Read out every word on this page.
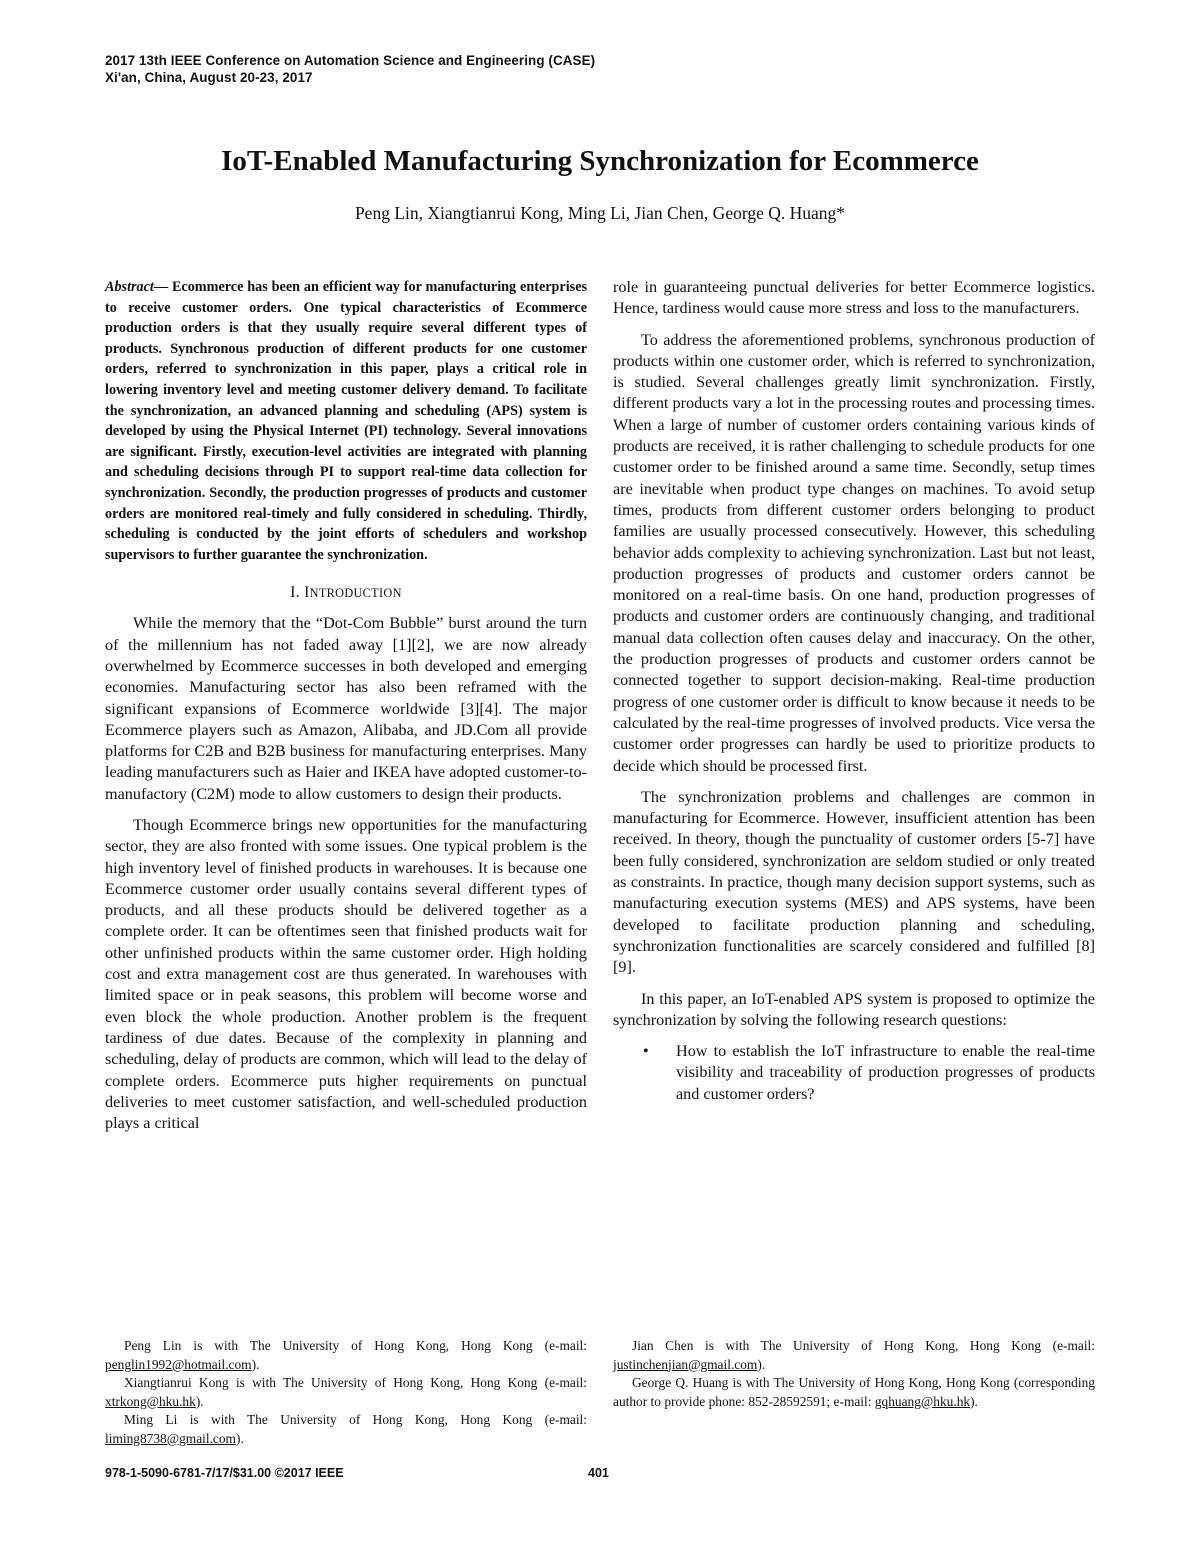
2017 13th IEEE Conference on Automation Science and Engineering (CASE)
Xi'an, China, August 20-23, 2017
IoT-Enabled Manufacturing Synchronization for Ecommerce
Peng Lin, Xiangtianrui Kong, Ming Li, Jian Chen, George Q. Huang*

Abstract— Ecommerce has been an efficient way for manufacturing enterprises to receive customer orders. One typical characteristics of Ecommerce production orders is that they usually require several different types of products. Synchronous production of different products for one customer orders, referred to synchronization in this paper, plays a critical role in lowering inventory level and meeting customer delivery demand. To facilitate the synchronization, an advanced planning and scheduling (APS) system is developed by using the Physical Internet (PI) technology. Several innovations are significant. Firstly, execution-level activities are integrated with planning and scheduling decisions through PI to support real-time data collection for synchronization. Secondly, the production progresses of products and customer orders are monitored real-timely and fully considered in scheduling. Thirdly, scheduling is conducted by the joint efforts of schedulers and workshop supervisors to further guarantee the synchronization.

I. INTRODUCTION

While the memory that the “Dot-Com Bubble” burst around the turn of the millennium has not faded away [1][2], we are now already overwhelmed by Ecommerce successes in both developed and emerging economies. Manufacturing sector has also been reframed with the significant expansions of Ecommerce worldwide [3][4]. The major Ecommerce players such as Amazon, Alibaba, and JD.Com all provide platforms for C2B and B2B business for manufacturing enterprises. Many leading manufacturers such as Haier and IKEA have adopted customer-to- manufactory (C2M) mode to allow customers to design their products.

Though Ecommerce brings new opportunities for the manufacturing sector, they are also fronted with some issues. One typical problem is the high inventory level of finished products in warehouses. It is because one Ecommerce customer order usually contains several different types of products, and all these products should be delivered together as a complete order. It can be oftentimes seen that finished products wait for other unfinished products within the same customer order. High holding cost and extra management cost are thus generated. In warehouses with limited space or in peak seasons, this problem will become worse and even block the whole production. Another problem is the frequent tardiness of due dates. Because of the complexity in planning and scheduling, delay of products are common, which will lead to the delay of complete orders. Ecommerce puts higher requirements on punctual deliveries to meet customer satisfaction, and well-scheduled production plays a critical

role in guaranteeing punctual deliveries for better Ecommerce logistics. Hence, tardiness would cause more stress and loss to the manufacturers.

To address the aforementioned problems, synchronous production of products within one customer order, which is referred to synchronization, is studied. Several challenges greatly limit synchronization. Firstly, different products vary a lot in the processing routes and processing times. When a large of number of customer orders containing various kinds of products are received, it is rather challenging to schedule products for one customer order to be finished around a same time. Secondly, setup times are inevitable when product type changes on machines. To avoid setup times, products from different customer orders belonging to product families are usually processed consecutively. However, this scheduling behavior adds complexity to achieving synchronization. Last but not least, production progresses of products and customer orders cannot be monitored on a real-time basis. On one hand, production progresses of products and customer orders are continuously changing, and traditional manual data collection often causes delay and inaccuracy. On the other, the production progresses of products and customer orders cannot be connected together to support decision-making. Real-time production progress of one customer order is difficult to know because it needs to be calculated by the real-time progresses of involved products. Vice versa the customer order progresses can hardly be used to prioritize products to decide which should be processed first.

The synchronization problems and challenges are common in manufacturing for Ecommerce. However, insufficient attention has been received. In theory, though the punctuality of customer orders [5-7] have been fully considered, synchronization are seldom studied or only treated as constraints. In practice, though many decision support systems, such as manufacturing execution systems (MES) and APS systems, have been developed to facilitate production planning and scheduling, synchronization functionalities are scarcely considered and fulfilled [8][9].

In this paper, an IoT-enabled APS system is proposed to optimize the synchronization by solving the following research questions:

• How to establish the IoT infrastructure to enable the real-time visibility and traceability of production progresses of products and customer orders?

Peng Lin is with The University of Hong Kong, Hong Kong (e-mail: penglin1992@hotmail.com).

Xiangtianrui Kong is with The University of Hong Kong, Hong Kong (e-mail: xtrkong@hku.hk).

Ming Li is with The University of Hong Kong, Hong Kong (e-mail: liming8738@gmail.com).

Jian Chen is with The University of Hong Kong, Hong Kong (e-mail: justinchenjian@gmail.com).

George Q. Huang is with The University of Hong Kong, Hong Kong (corresponding author to provide phone: 852-28592591; e-mail: gqhuang@hku.hk).

978-1-5090-6781-7/17/$31.00 ©2017 IEEE	401
